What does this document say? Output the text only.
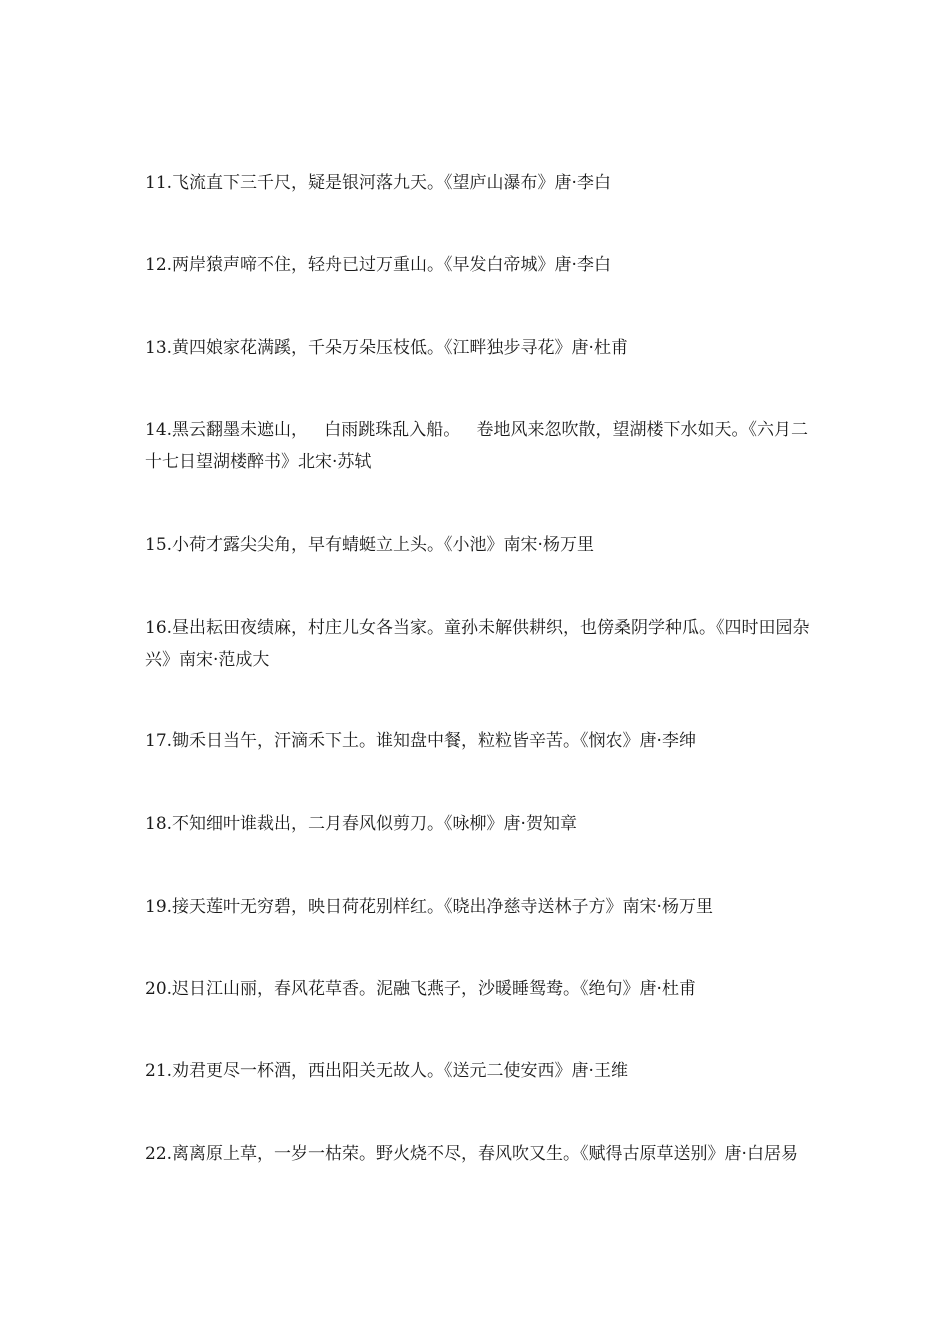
11.飞流直下三千尺，疑是银河落九天。《望庐山瀑布》唐·李白

12.两岸猿声啼不住，轻舟已过万重山。《早发白帝城》唐·李白

13.黄四娘家花满蹊，千朵万朵压枝低。《江畔独步寻花》唐·杜甫

14.黑云翻墨未遮山，   白雨跳珠乱入船。   卷地风来忽吹散，望湖楼下水如天。《六月二十七日望湖楼醉书》北宋·苏轼

15.小荷才露尖尖角，早有蜻蜓立上头。《小池》南宋·杨万里

16.昼出耘田夜绩麻，村庄儿女各当家。童孙未解供耕织，也傍桑阴学种瓜。《四时田园杂兴》南宋·范成大

17.锄禾日当午，汗滴禾下土。谁知盘中餐，粒粒皆辛苦。《悯农》唐·李绅

18.不知细叶谁裁出，二月春风似剪刀。《咏柳》唐·贺知章

19.接天莲叶无穷碧，映日荷花别样红。《晓出净慈寺送林子方》南宋·杨万里

20.迟日江山丽，春风花草香。泥融飞燕子，沙暖睡鸳鸯。《绝句》唐·杜甫

21.劝君更尽一杯酒，西出阳关无故人。《送元二使安西》唐·王维

22.离离原上草，一岁一枯荣。野火烧不尽，春风吹又生。《赋得古原草送别》唐·白居易
